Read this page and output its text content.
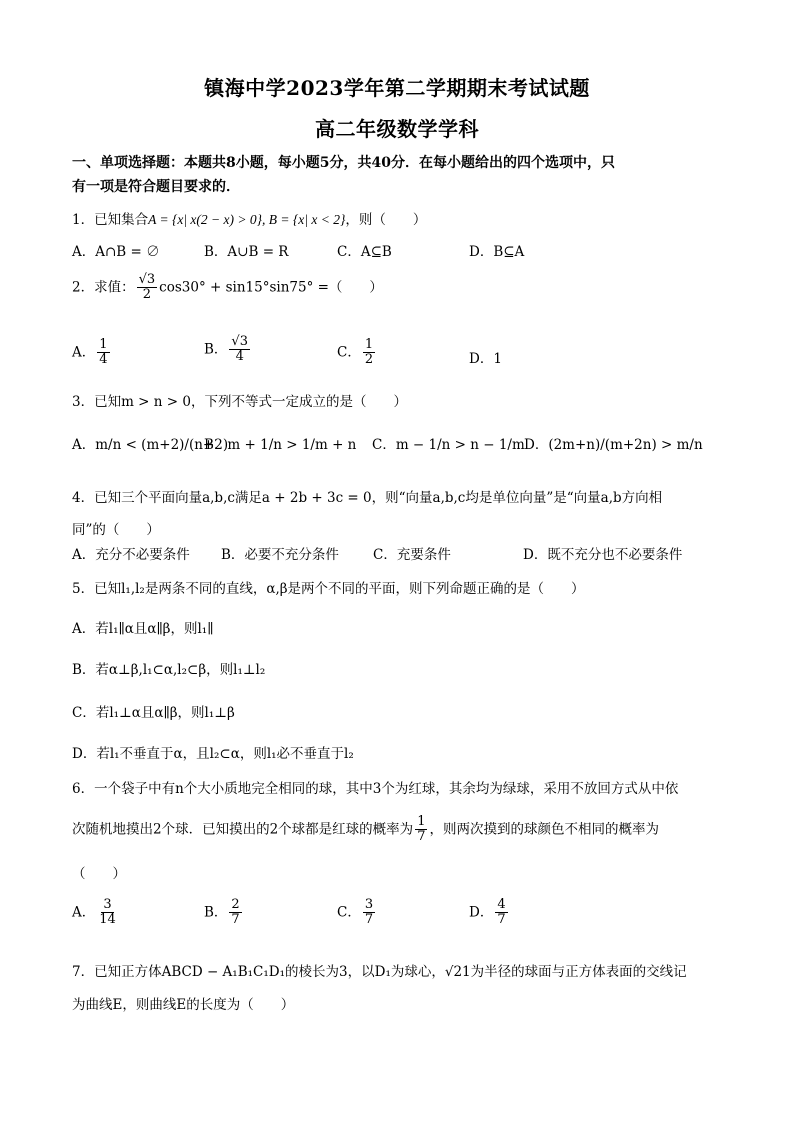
镇海中学2023学年第二学期期末考试试题
高二年级数学学科
一、单项选择题：本题共8小题，每小题5分，共40分．在每小题给出的四个选项中，只
有一项是符合题目要求的．
1．已知集合A = {x| x(2 − x) > 0}, B = {x| x < 2}，则（　　）
A．A∩B = ∅	B．A∪B = R	C．A⊆B	D．B⊆A
2．求值： $\frac{√3}{2} \cos 30^\circ + \sin 15^\circ\sin 75^\circ$ =（　　）
A． $\frac{1}{4}$	B． $\frac{√3}{4}$	C． $\frac{1}{2}$	D．1
3．已知m > n > 0，下列不等式一定成立的是（　　）
A．m/n < (m+2)/(n+2)
B．m + 1/n > 1/m + n C．m − 1/n > n − 1/m D．(2m+n)/(m+2n) > m/n
4．已知三个平面向量a,b,c满足a + 2b + 3c = 0，则“向量a,b,c均是单位向量”是“向量a,b方向相
同”的（　　）
A．充分不必要条件 B．必要不充分条件	C．充要条件	D．既不充分也不必要条件
5．已知l₁,l₂是两条不同的直线，α,β是两个不同的平面，则下列命题正确的是（　　）
A．若l₁∥α且α∥β，则l₁∥
B．若α⊥β,l₁⊂α,l₂⊂β，则l₁⊥l₂
C．若l₁⊥α且α∥β，则l₁⊥β
D．若l₁不垂直于α，且l₂⊂α，则l₁必不垂直于l₂
6．一个袋子中有n个大小质地完全相同的球，其中3个为红球，其余均为绿球，采用不放回方式从中依
次随机地摸出2个球．已知摸出的2个球都是红球的概率为 $\frac{1}{7}$ ，则两次摸到的球颜色不相同的概率为
（　　）
A． $\frac{3}{14}$	B． $\frac{2}{7}$	C． $\frac{3}{7}$	D． $\frac{4}{7}$
7．已知正方体ABCD − A₁B₁C₁D₁的棱长为3，以D₁为球心，√21为半径的球面与正方体表面的交线记
为曲线E，则曲线E的长度为（　　）
